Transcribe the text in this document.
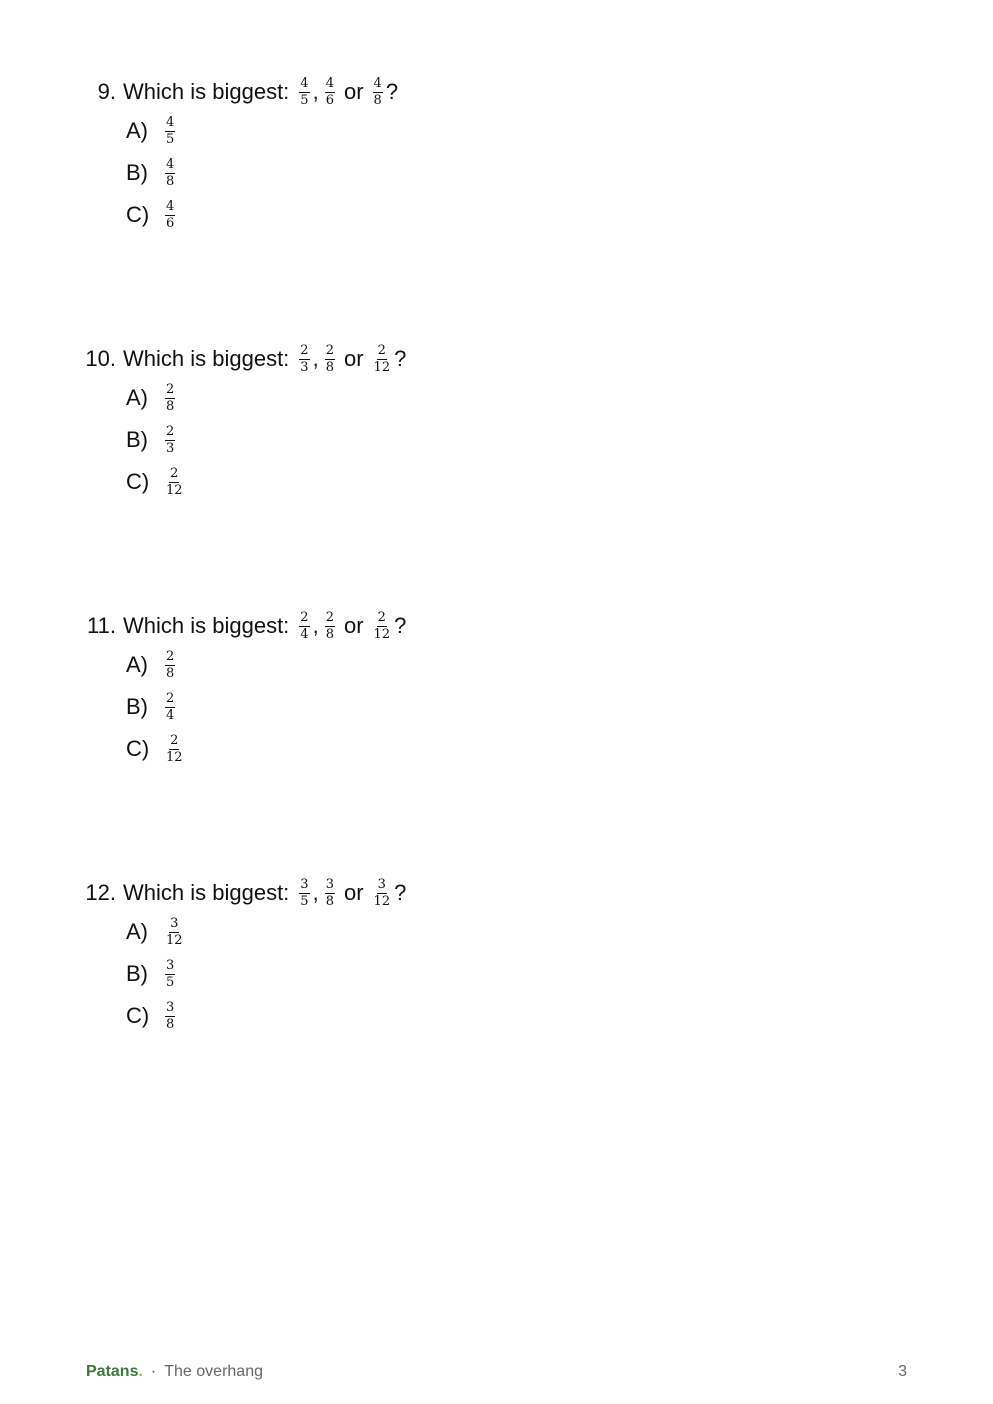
9. Which is biggest: $\frac{4}{5}$ , $\frac{4}{6}$ or $\frac{4}{8}$ ?
A)	$\frac{4}{5}$
B)	$\frac{4}{8}$
C)	$\frac{4}{6}$
10. Which is biggest: $\frac{2}{3}$ , $\frac{2}{8}$ or $\frac{2}{12}$ ?
A)	$\frac{2}{8}$
B)	$\frac{2}{3}$
C)	$\frac{2}{12}$
11. Which is biggest: $\frac{2}{4}$ , $\frac{2}{8}$ or $\frac{2}{12}$ ?
A)	$\frac{2}{8}$
B)	$\frac{2}{4}$
C)	$\frac{2}{12}$
12. Which is biggest: $\frac{3}{5}$ , $\frac{3}{8}$ or $\frac{3}{12}$ ?
A)	$\frac{3}{12}$
B)	$\frac{3}{5}$
C)	$\frac{3}{8}$
Patans . · The overhang	3
